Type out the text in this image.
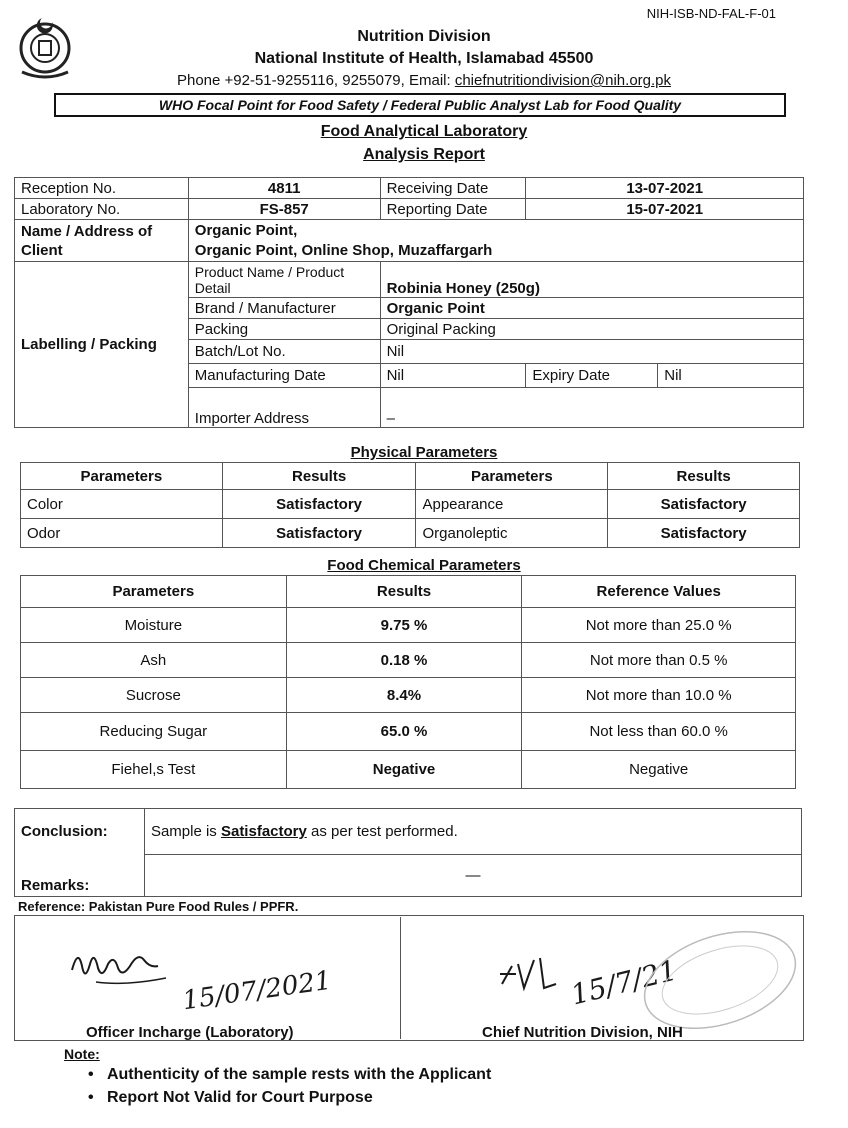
NIH-ISB-ND-FAL-F-01
Nutrition Division
National Institute of Health, Islamabad 45500
Phone +92-51-9255116, 9255079, Email: chiefnutritiondivision@nih.org.pk
WHO Focal Point for Food Safety / Federal Public Analyst Lab for Food Quality
Food Analytical Laboratory
Analysis Report
Reception No.	4811	Receiving Date	13-07-2021	
Laboratory No.	FS-857	Reporting Date	15-07-2021	
Name / Address of Client	Organic Point,
Organic Point, Online Shop, Muzaffargarh			

Labelling / Packing	Product Name / Product Detail	Robinia Honey (250g)		
	Brand / Manufacturer	Organic Point		
	Packing	Original Packing		
	Batch/Lot No.	Nil		
	Manufacturing Date	Nil	Expiry Date	Nil
	Importer Address	–		
Physical Parameters
Parameters	Results	Parameters	Results
Color	Satisfactory	Appearance	Satisfactory
Odor	Satisfactory	Organoleptic	Satisfactory
Food Chemical Parameters
Parameters	Results	Reference Values
Moisture	9.75 %	Not more than 25.0 %
Ash	0.18 %	Not more than 0.5 %
Sucrose	8.4%	Not more than 10.0 %
Reducing Sugar	65.0 %	Not less than 60.0 %
Fiehel,s Test	Negative	Negative
Conclusion:	Sample is Satisfactory as per test performed.
Remarks:	—
Reference: Pakistan Pure Food Rules / PPFR.
15/07/2021
Officer Incharge (Laboratory)
15/7/21
Chief Nutrition Division, NIH
Note:
•   Authenticity of the sample rests with the Applicant
•   Report Not Valid for Court Purpose
